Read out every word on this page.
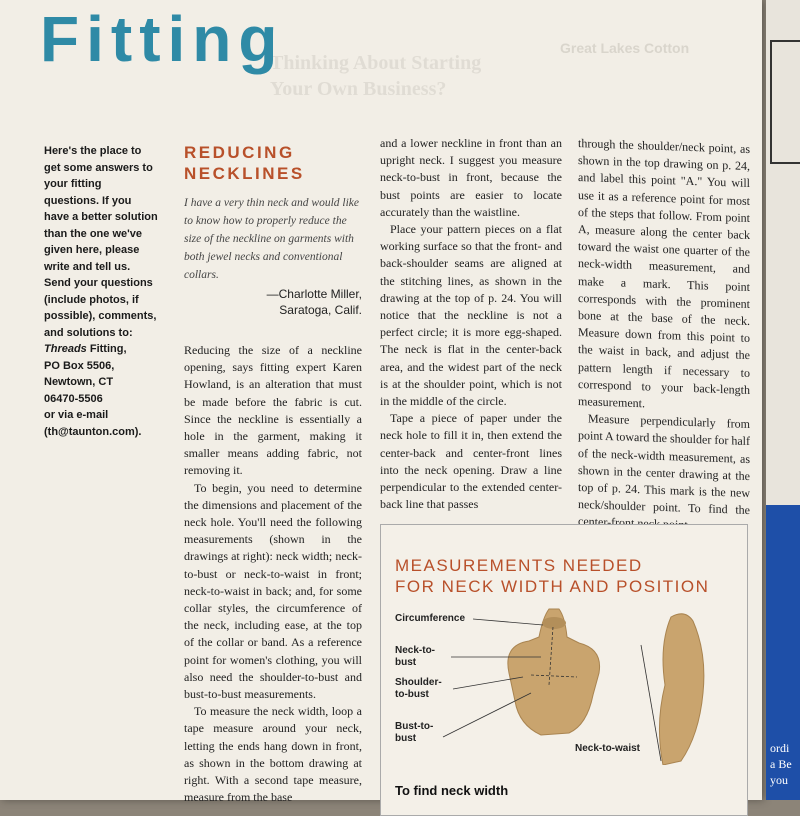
Thinking About Starting
Your Own Business?
Great Lakes Cotton
Fitting
Here's the place to get some answers to your fitting questions. If you have a better solution than the one we've given here, please write and tell us. Send your questions (include photos, if possible), comments, and solutions to:
Threads Fitting,
PO Box 5506,
Newtown, CT
06470-5506
or via e-mail
(th@taunton.com).
REDUCING
NECKLINES
I have a very thin neck and would like to know how to properly reduce the size of the neckline on garments with both jewel necks and conventional collars.
—Charlotte Miller,
Saratoga, Calif.

Reducing the size of a neckline opening, says fitting expert Karen Howland, is an alteration that must be made before the fabric is cut. Since the neckline is essentially a hole in the garment, making it smaller means adding fabric, not removing it.

To begin, you need to determine the dimensions and placement of the neck hole. You'll need the following measurements (shown in the drawings at right): neck width; neck-to-bust or neck-to-waist in front; neck-to-waist in back; and, for some collar styles, the circumference of the neck, including ease, at the top of the collar or band. As a reference point for women's clothing, you will also need the shoulder-to-bust and bust-to-bust measurements.

To measure the neck width, loop a tape measure around your neck, letting the ends hang down in front, as shown in the bottom drawing at right. With a second tape measure, measure from the base

and a lower neckline in front than an upright neck. I suggest you measure neck-to-bust in front, because the bust points are easier to locate accurately than the waistline.

Place your pattern pieces on a flat working surface so that the front- and back-shoulder seams are aligned at the stitching lines, as shown in the drawing at the top of p. 24. You will notice that the neckline is not a perfect circle; it is more egg-shaped. The neck is flat in the center-back area, and the widest part of the neck is at the shoulder point, which is not in the middle of the circle.

Tape a piece of paper under the neck hole to fill it in, then extend the center-back and center-front lines into the neck opening. Draw a line perpendicular to the extended center-back line that passes

through the shoulder/neck point, as shown in the top drawing on p. 24, and label this point "A." You will use it as a reference point for most of the steps that follow. From point A, measure along the center back toward the waist one quarter of the neck-width measurement, and make a mark. This point corresponds with the prominent bone at the base of the neck. Measure down from this point to the waist in back, and adjust the pattern length if necessary to correspond to your back-length measurement.

Measure perpendicularly from point A toward the shoulder for half of the neck-width measurement, as shown in the center drawing at the top of p. 24. This mark is the new neck/shoulder point. To find the center-front

MEASUREMENTS NEEDED
FOR NECK WIDTH AND POSITION
Circumference
Neck-to-
bust
Shoulder-
to-bust
Bust-to-
bust
Neck-to-waist
To find neck width
ordi
a Be
you
